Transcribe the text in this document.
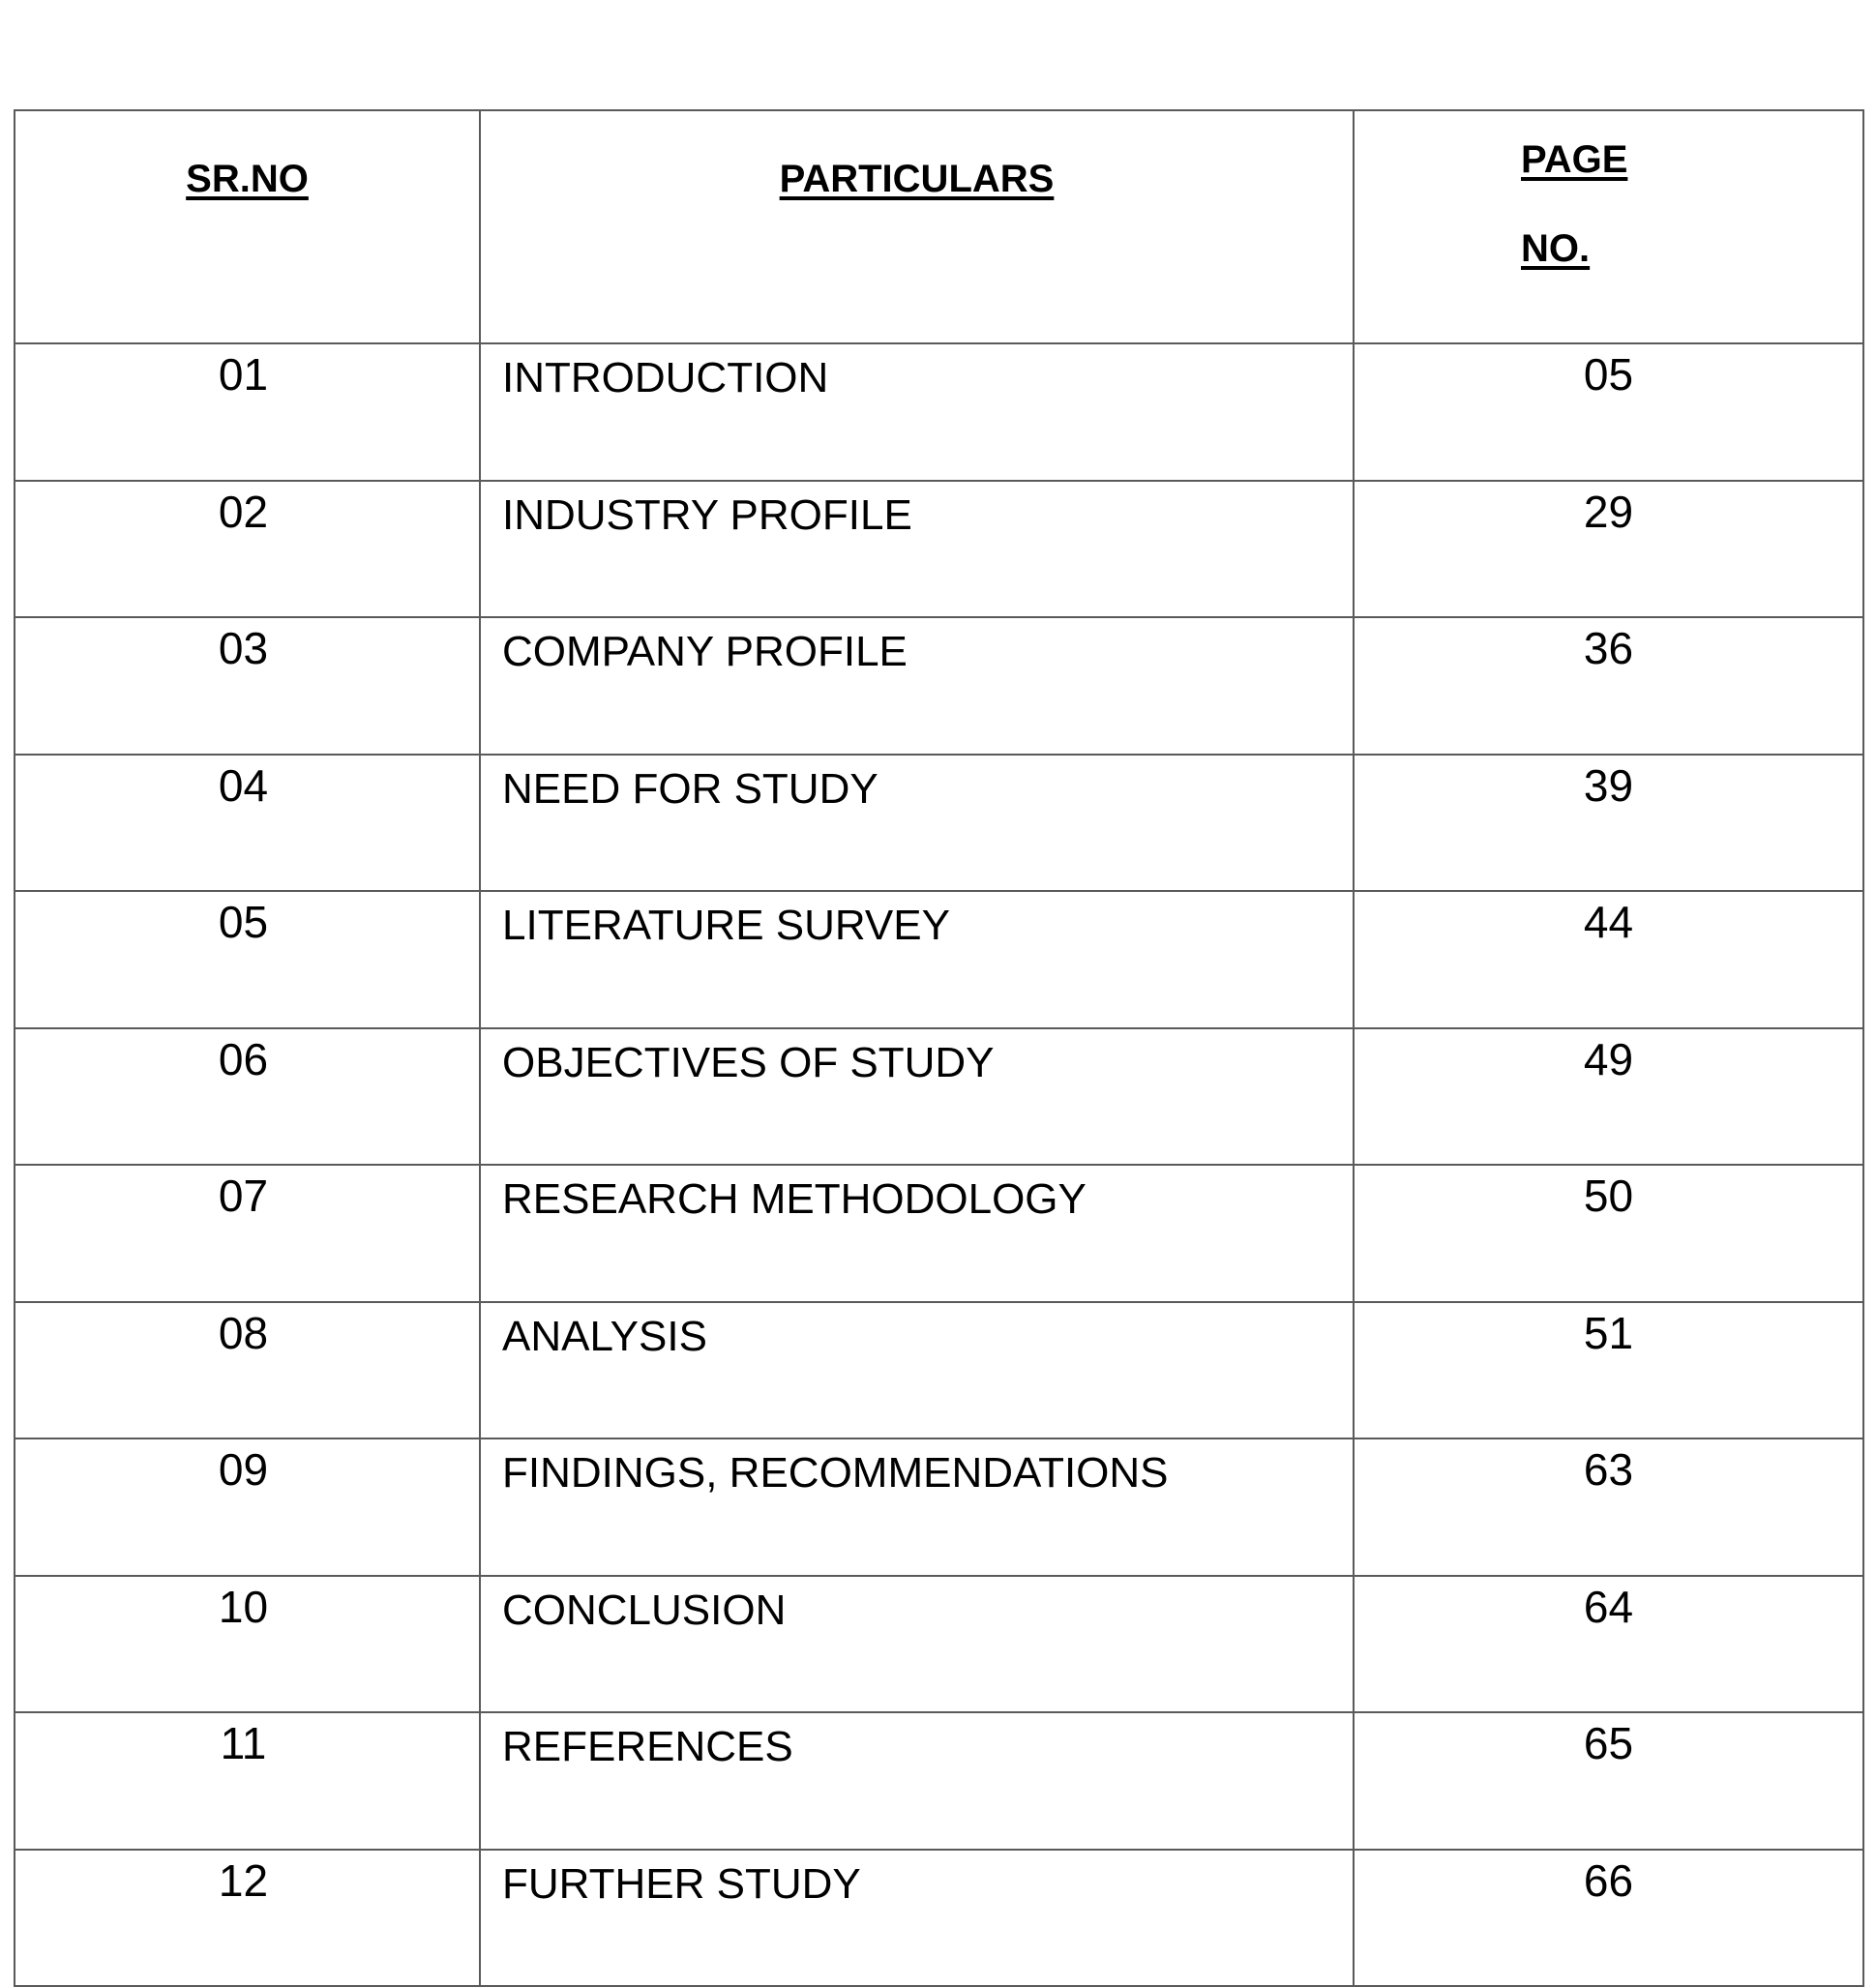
SR.NO	PARTICULARS	PAGE
NO.
01	INTRODUCTION	05
02	INDUSTRY PROFILE	29
03	COMPANY PROFILE	36
04	NEED FOR STUDY	39
05	LITERATURE SURVEY	44
06	OBJECTIVES OF STUDY	49
07	RESEARCH METHODOLOGY	50
08	ANALYSIS	51
09	FINDINGS, RECOMMENDATIONS	63
10	CONCLUSION	64
11	REFERENCES	65
12	FURTHER STUDY	66
